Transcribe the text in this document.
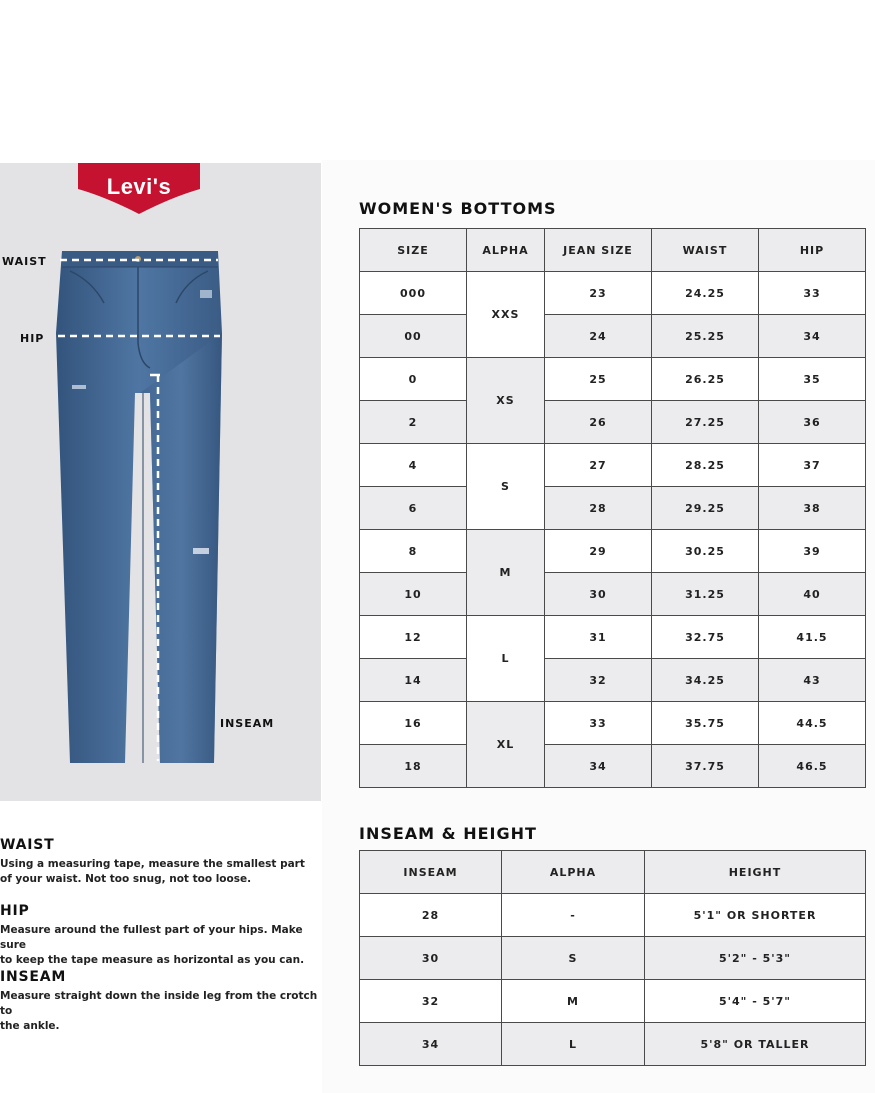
Levi's
®
WAIST
HIP
INSEAM
WAIST

Using a measuring tape, measure the smallest part
of your waist. Not too snug, not too loose.

HIP

Measure around the fullest part of your hips. Make sure
to keep the tape measure as horizontal as you can.

INSEAM

Measure straight down the inside leg from the crotch to
the ankle.

WOMEN'S BOTTOMS
SIZE	ALPHA	JEAN SIZE	WAIST	HIP
000	XXS	23	24.25	33
00		24	25.25	34
0	XS	25	26.25	35
2		26	27.25	36
4	S	27	28.25	37
6		28	29.25	38
8	M	29	30.25	39
10		30	31.25	40
12	L	31	32.75	41.5
14		32	34.25	43
16	XL	33	35.75	44.5
18		34	37.75	46.5
INSEAM & HEIGHT
INSEAM	ALPHA	HEIGHT
28	-	5'1" OR SHORTER
30	S	5'2" - 5'3"
32	M	5'4" - 5'7"
34	L	5'8" OR TALLER
